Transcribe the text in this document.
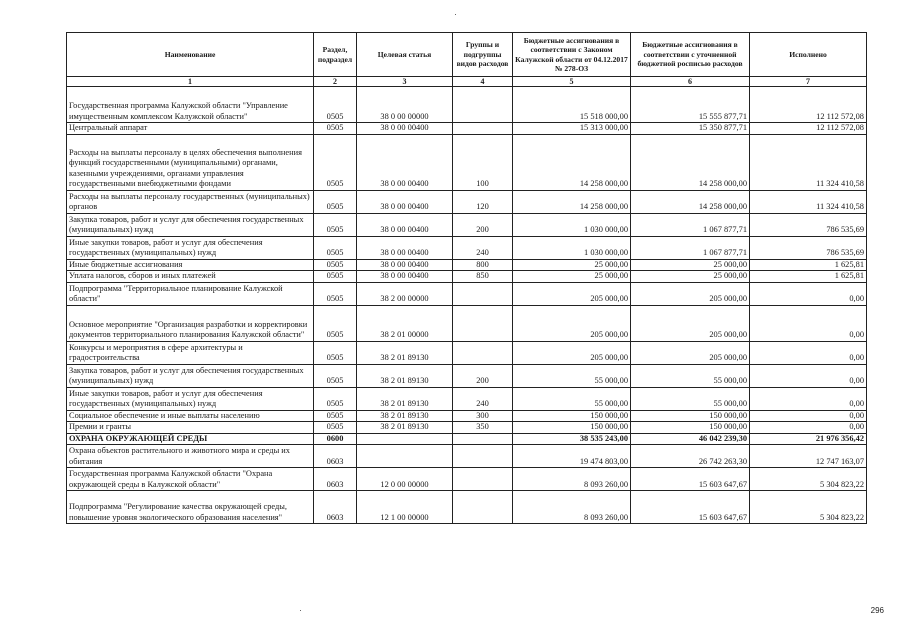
Наименование	Раздел, подраздел	Целевая статья	Группы и подгруппы видов расходов	Бюджетные ассигнования в соответствии с Законом Калужской области от 04.12.2017 № 278-ОЗ	Бюджетные ассигнования в соответствии с уточненной бюджетной росписью расходов	Исполнено
1	2	3	4	5	6	7
Государственная программа Калужской области "Управление имущественным комплексом Калужской области"	0505	38 0 00 00000		15 518 000,00	15 555 877,71	12 112 572,08
Центральный аппарат	0505	38 0 00 00400		15 313 000,00	15 350 877,71	12 112 572,08
Расходы на выплаты персоналу в целях обеспечения выполнения функций государственными (муниципальными) органами, казенными учреждениями, органами управления государственными внебюджетными фондами	0505	38 0 00 00400	100	14 258 000,00	14 258 000,00	11 324 410,58
Расходы на выплаты персоналу государственных (муниципальных) органов	0505	38 0 00 00400	120	14 258 000,00	14 258 000,00	11 324 410,58
Закупка товаров, работ и услуг для обеспечения государственных (муниципальных) нужд	0505	38 0 00 00400	200	1 030 000,00	1 067 877,71	786 535,69
Иные закупки товаров, работ и услуг для обеспечения государственных (муниципальных) нужд	0505	38 0 00 00400	240	1 030 000,00	1 067 877,71	786 535,69
Иные бюджетные ассигнования	0505	38 0 00 00400	800	25 000,00	25 000,00	1 625,81
Уплата налогов, сборов и иных платежей	0505	38 0 00 00400	850	25 000,00	25 000,00	1 625,81
Подпрограмма "Территориальное планирование Калужской области"	0505	38 2 00 00000		205 000,00	205 000,00	0,00
Основное мероприятие "Организация разработки и корректировки документов территориального планирования Калужской области"	0505	38 2 01 00000		205 000,00	205 000,00	0,00
Конкурсы и мероприятия в сфере архитектуры и градостроительства	0505	38 2 01 89130		205 000,00	205 000,00	0,00
Закупка товаров, работ и услуг для обеспечения государственных (муниципальных) нужд	0505	38 2 01 89130	200	55 000,00	55 000,00	0,00
Иные закупки товаров, работ и услуг для обеспечения государственных (муниципальных) нужд	0505	38 2 01 89130	240	55 000,00	55 000,00	0,00
Социальное обеспечение и иные выплаты населению	0505	38 2 01 89130	300	150 000,00	150 000,00	0,00
Премии и гранты	0505	38 2 01 89130	350	150 000,00	150 000,00	0,00
ОХРАНА ОКРУЖАЮЩЕЙ СРЕДЫ	0600			38 535 243,00	46 042 239,30	21 976 356,42
Охрана объектов растительного и животного мира и среды их обитания	0603			19 474 803,00	26 742 263,30	12 747 163,07
Государственная программа Калужской области "Охрана окружающей среды в Калужской области"	0603	12 0 00 00000		8 093 260,00	15 603 647,67	5 304 823,22
Подпрограмма "Регулирование качества окружающей среды, повышение уровня экологического образования населения"	0603	12 1 00 00000		8 093 260,00	15 603 647,67	5 304 823,22
296
